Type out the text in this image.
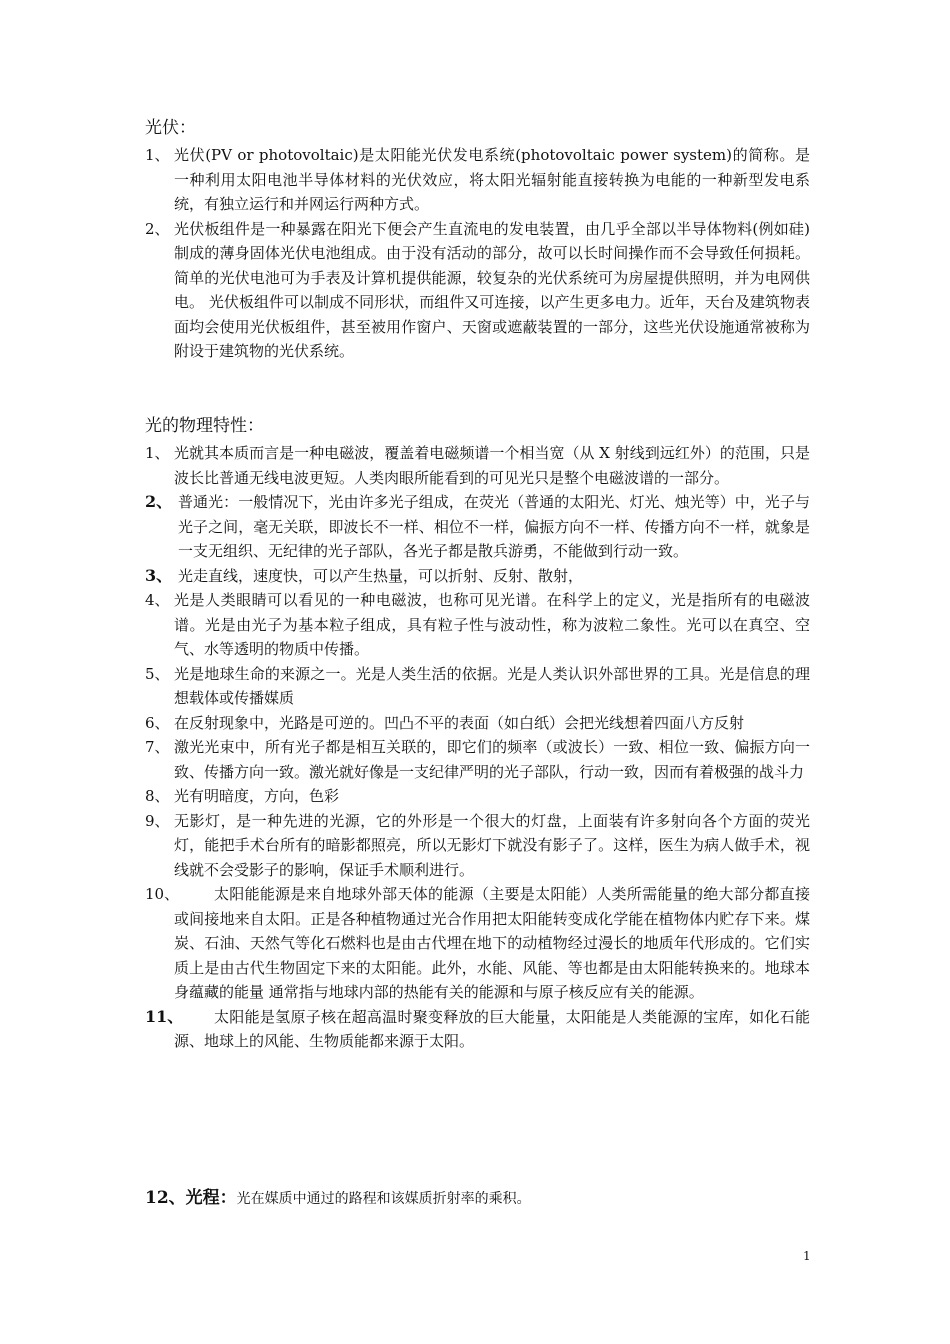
光伏：
1、 光伏(PV or photovoltaic)是太阳能光伏发电系统(photovoltaic power system)的简称。是一种利用太阳电池半导体材料的光伏效应，将太阳光辐射能直接转换为电能的一种新型发电系统，有独立运行和并网运行两种方式。
2、 光伏板组件是一种暴露在阳光下便会产生直流电的发电装置，由几乎全部以半导体物料(例如硅)制成的薄身固体光伏电池组成。由于没有活动的部分，故可以长时间操作而不会导致任何损耗。简单的光伏电池可为手表及计算机提供能源，较复杂的光伏系统可为房屋提供照明，并为电网供电。 光伏板组件可以制成不同形状，而组件又可连接，以产生更多电力。近年，天台及建筑物表面均会使用光伏板组件，甚至被用作窗户、天窗或遮蔽装置的一部分，这些光伏设施通常被称为附设于建筑物的光伏系统。
光的物理特性：
1、 光就其本质而言是一种电磁波，覆盖着电磁频谱一个相当宽（从 X 射线到远红外）的范围，只是波长比普通无线电波更短。人类肉眼所能看到的可见光只是整个电磁波谱的一部分。
2、 普通光：一般情况下，光由许多光子组成，在荧光（普通的太阳光、灯光、烛光等）中，光子与光子之间，毫无关联，即波长不一样、相位不一样，偏振方向不一样、传播方向不一样，就象是一支无组织、无纪律的光子部队，各光子都是散兵游勇，不能做到行动一致。
3、 光走直线，速度快，可以产生热量，可以折射、反射、散射，
4、 光是人类眼睛可以看见的一种电磁波，也称可见光谱。在科学上的定义，光是指所有的电磁波谱。光是由光子为基本粒子组成，具有粒子性与波动性，称为波粒二象性。光可以在真空、空气、水等透明的物质中传播。
5、 光是地球生命的来源之一。光是人类生活的依据。光是人类认识外部世界的工具。光是信息的理想载体或传播媒质
6、 在反射现象中，光路是可逆的。凹凸不平的表面（如白纸）会把光线想着四面八方反射
7、 激光光束中，所有光子都是相互关联的，即它们的频率（或波长）一致、相位一致、偏振方向一致、传播方向一致。激光就好像是一支纪律严明的光子部队，行动一致，因而有着极强的战斗力
8、 光有明暗度，方向，色彩
9、 无影灯，是一种先进的光源，它的外形是一个很大的灯盘，上面装有许多射向各个方面的荧光灯，能把手术台所有的暗影都照亮，所以无影灯下就没有影子了。这样，医生为病人做手术，视线就不会受影子的影响，保证手术顺利进行。
10、	太阳能能源是来自地球外部天体的能源（主要是太阳能）人类所需能量的绝大部分都直接或间接地来自太阳。正是各种植物通过光合作用把太阳能转变成化学能在植物体内贮存下来。煤炭、石油、天然气等化石燃料也是由古代埋在地下的动植物经过漫长的地质年代形成的。它们实质上是由古代生物固定下来的太阳能。此外，水能、风能、等也都是由太阳能转换来的。地球本身蕴藏的能量 通常指与地球内部的热能有关的能源和与原子核反应有关的能源。
11、	太阳能是氢原子核在超高温时聚变释放的巨大能量，太阳能是人类能源的宝库，如化石能源、地球上的风能、生物质能都来源于太阳。
12、光程：光在媒质中通过的路程和该媒质折射率的乘积。
1
